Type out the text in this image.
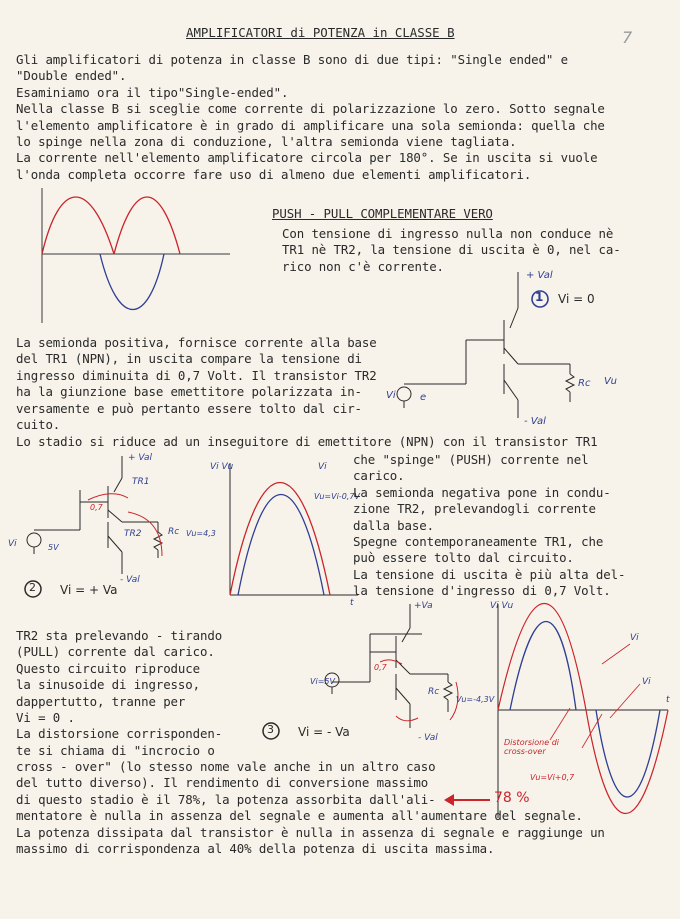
AMPLIFICATORI di POTENZA in CLASSE B	7
Gli amplificatori di potenza in classe B sono di due tipi: "Single ended" e
"Double ended".
Esaminiamo ora il tipo"Single-ended".
Nella classe B si sceglie come corrente di polarizzazione lo zero. Sotto segnale
l'elemento amplificatore è in grado di amplificare una sola semionda: quella che
lo spinge nella zona di conduzione, l'altra semionda viene tagliata.
La corrente nell'elemento amplificatore circola per 180°. Se in uscita si vuole
l'onda completa occorre fare uso di almeno due elementi amplificatori.
PUSH - PULL COMPLEMENTARE VERO
Con tensione di ingresso nulla non conduce nè
TR1 nè TR2, la tensione di uscita è 0, nel ca-
rico non c'è corrente.
+ Val
- Val
Rc
Vi e
Vu
1 Vi = 0
La semionda positiva, fornisce corrente alla base
del TR1 (NPN), in uscita compare la tensione di
ingresso diminuita di 0,7 Volt. Il transistor TR2
ha la giunzione base emettitore polarizzata in-
versamente e può pertanto essere tolto dal cir-
cuito.
Lo stadio si riduce ad un inseguitore di emettitore (NPN) con il transistor TR1
+ Val
TR1
TR2
0,7
Rc Vu=4,3
Vi	5V
- Val
2 Vi = + Va
Vi Vu	Vi
Vu=Vi-0,7V
t
che "spinge" (PUSH) corrente nel
carico.
La semionda negativa pone in condu-
zione TR2, prelevandogli corrente
dalla base.
Spegne contemporaneamente TR1, che
può essere tolto dal circuito.
La tensione di uscita è più alta del-
la tensione d'ingresso di 0,7 Volt.
TR2 sta prelevando - tirando
(PULL) corrente dal carico.
Questo circuito riproduce
la sinusoide di ingresso,
dappertutto, tranne per
Vi = 0 .
La distorsione corrisponden-
te si chiama di "incrocio o
+Va
0,7
Rc
Vi=5V
Vu=-4,3V
- Val
3 Vi = - Va
Vi Vu
Vi
Vi
t
Distorsione di cross-over
Vu=Vi+0,7
cross - over" (lo stesso nome vale anche in un altro caso
del tutto diverso). Il rendimento di conversione massimo
di questo stadio è il 78%, la potenza assorbita dall'ali-
mentatore è nulla in assenza del segnale e aumenta all'aumentare del segnale.
La potenza dissipata dal transistor è nulla in assenza di segnale e raggiunge un
massimo di corrispondenza al 40% della potenza di uscita massima.
78 %
